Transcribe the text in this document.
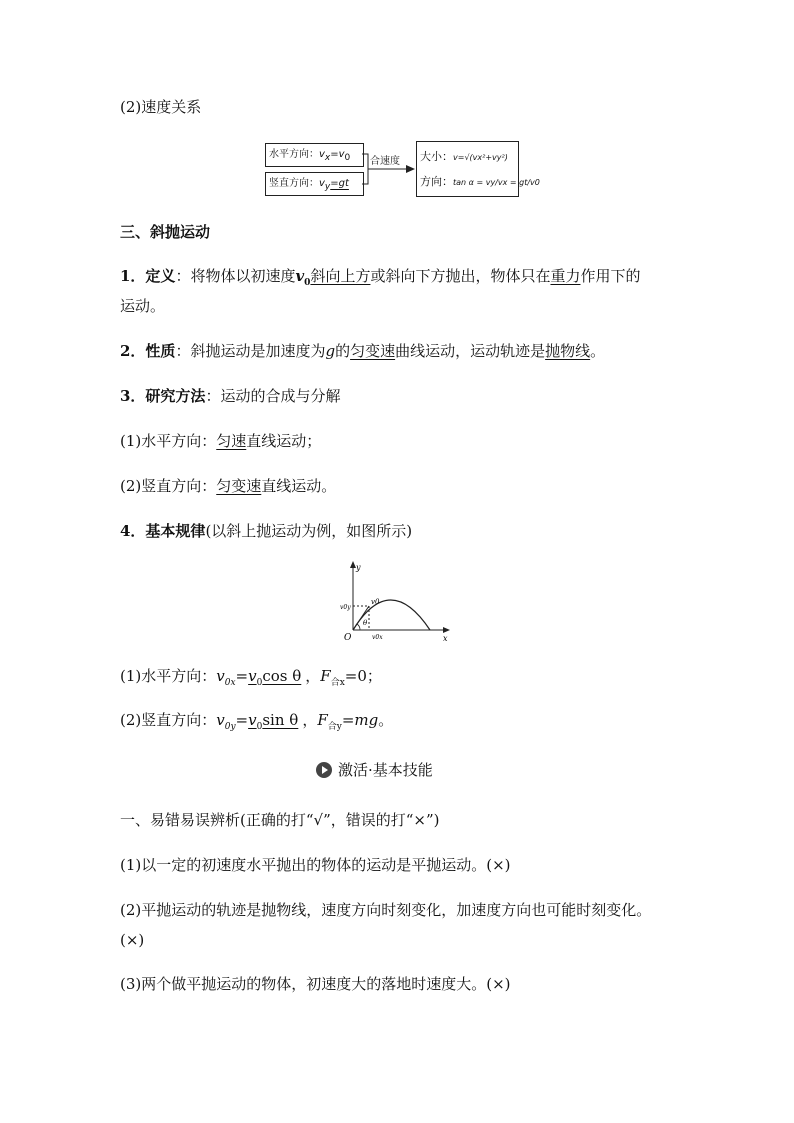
(2)速度关系
水平方向：$v_x=v_0$
竖直方向：$v_y=gt$
合速度 大小：v=√(vx²+vy²)
方向：tan α = vy/vx = gt/v0
三、斜抛运动
1．定义：将物体以初速度$v_0$斜向上方或斜向下方抛出，物体只在重力作用下的
运动。
2．性质：斜抛运动是加速度为g的匀变速曲线运动，运动轨迹是抛物线。
3．研究方法：运动的合成与分解
(1)水平方向：匀速直线运动；
(2)竖直方向：匀变速直线运动。
4．基本规律(以斜上抛运动为例，如图所示)
y
x
O
v0y
v0
v0x
θ
(1)水平方向：$v_{0x}=v_0\cos$ θ ，$F_{合x}=0$；
(2)竖直方向：$v_{0y}=v_0\sin$ θ ，$F_{合y}=mg$。
激活·基本技能
一、易错易误辨析(正确的打“√”，错误的打“×”)
(1)以一定的初速度水平抛出的物体的运动是平抛运动。(×)
(2)平抛运动的轨迹是抛物线，速度方向时刻变化，加速度方向也可能时刻变化。
(×)
(3)两个做平抛运动的物体，初速度大的落地时速度大。(×)
